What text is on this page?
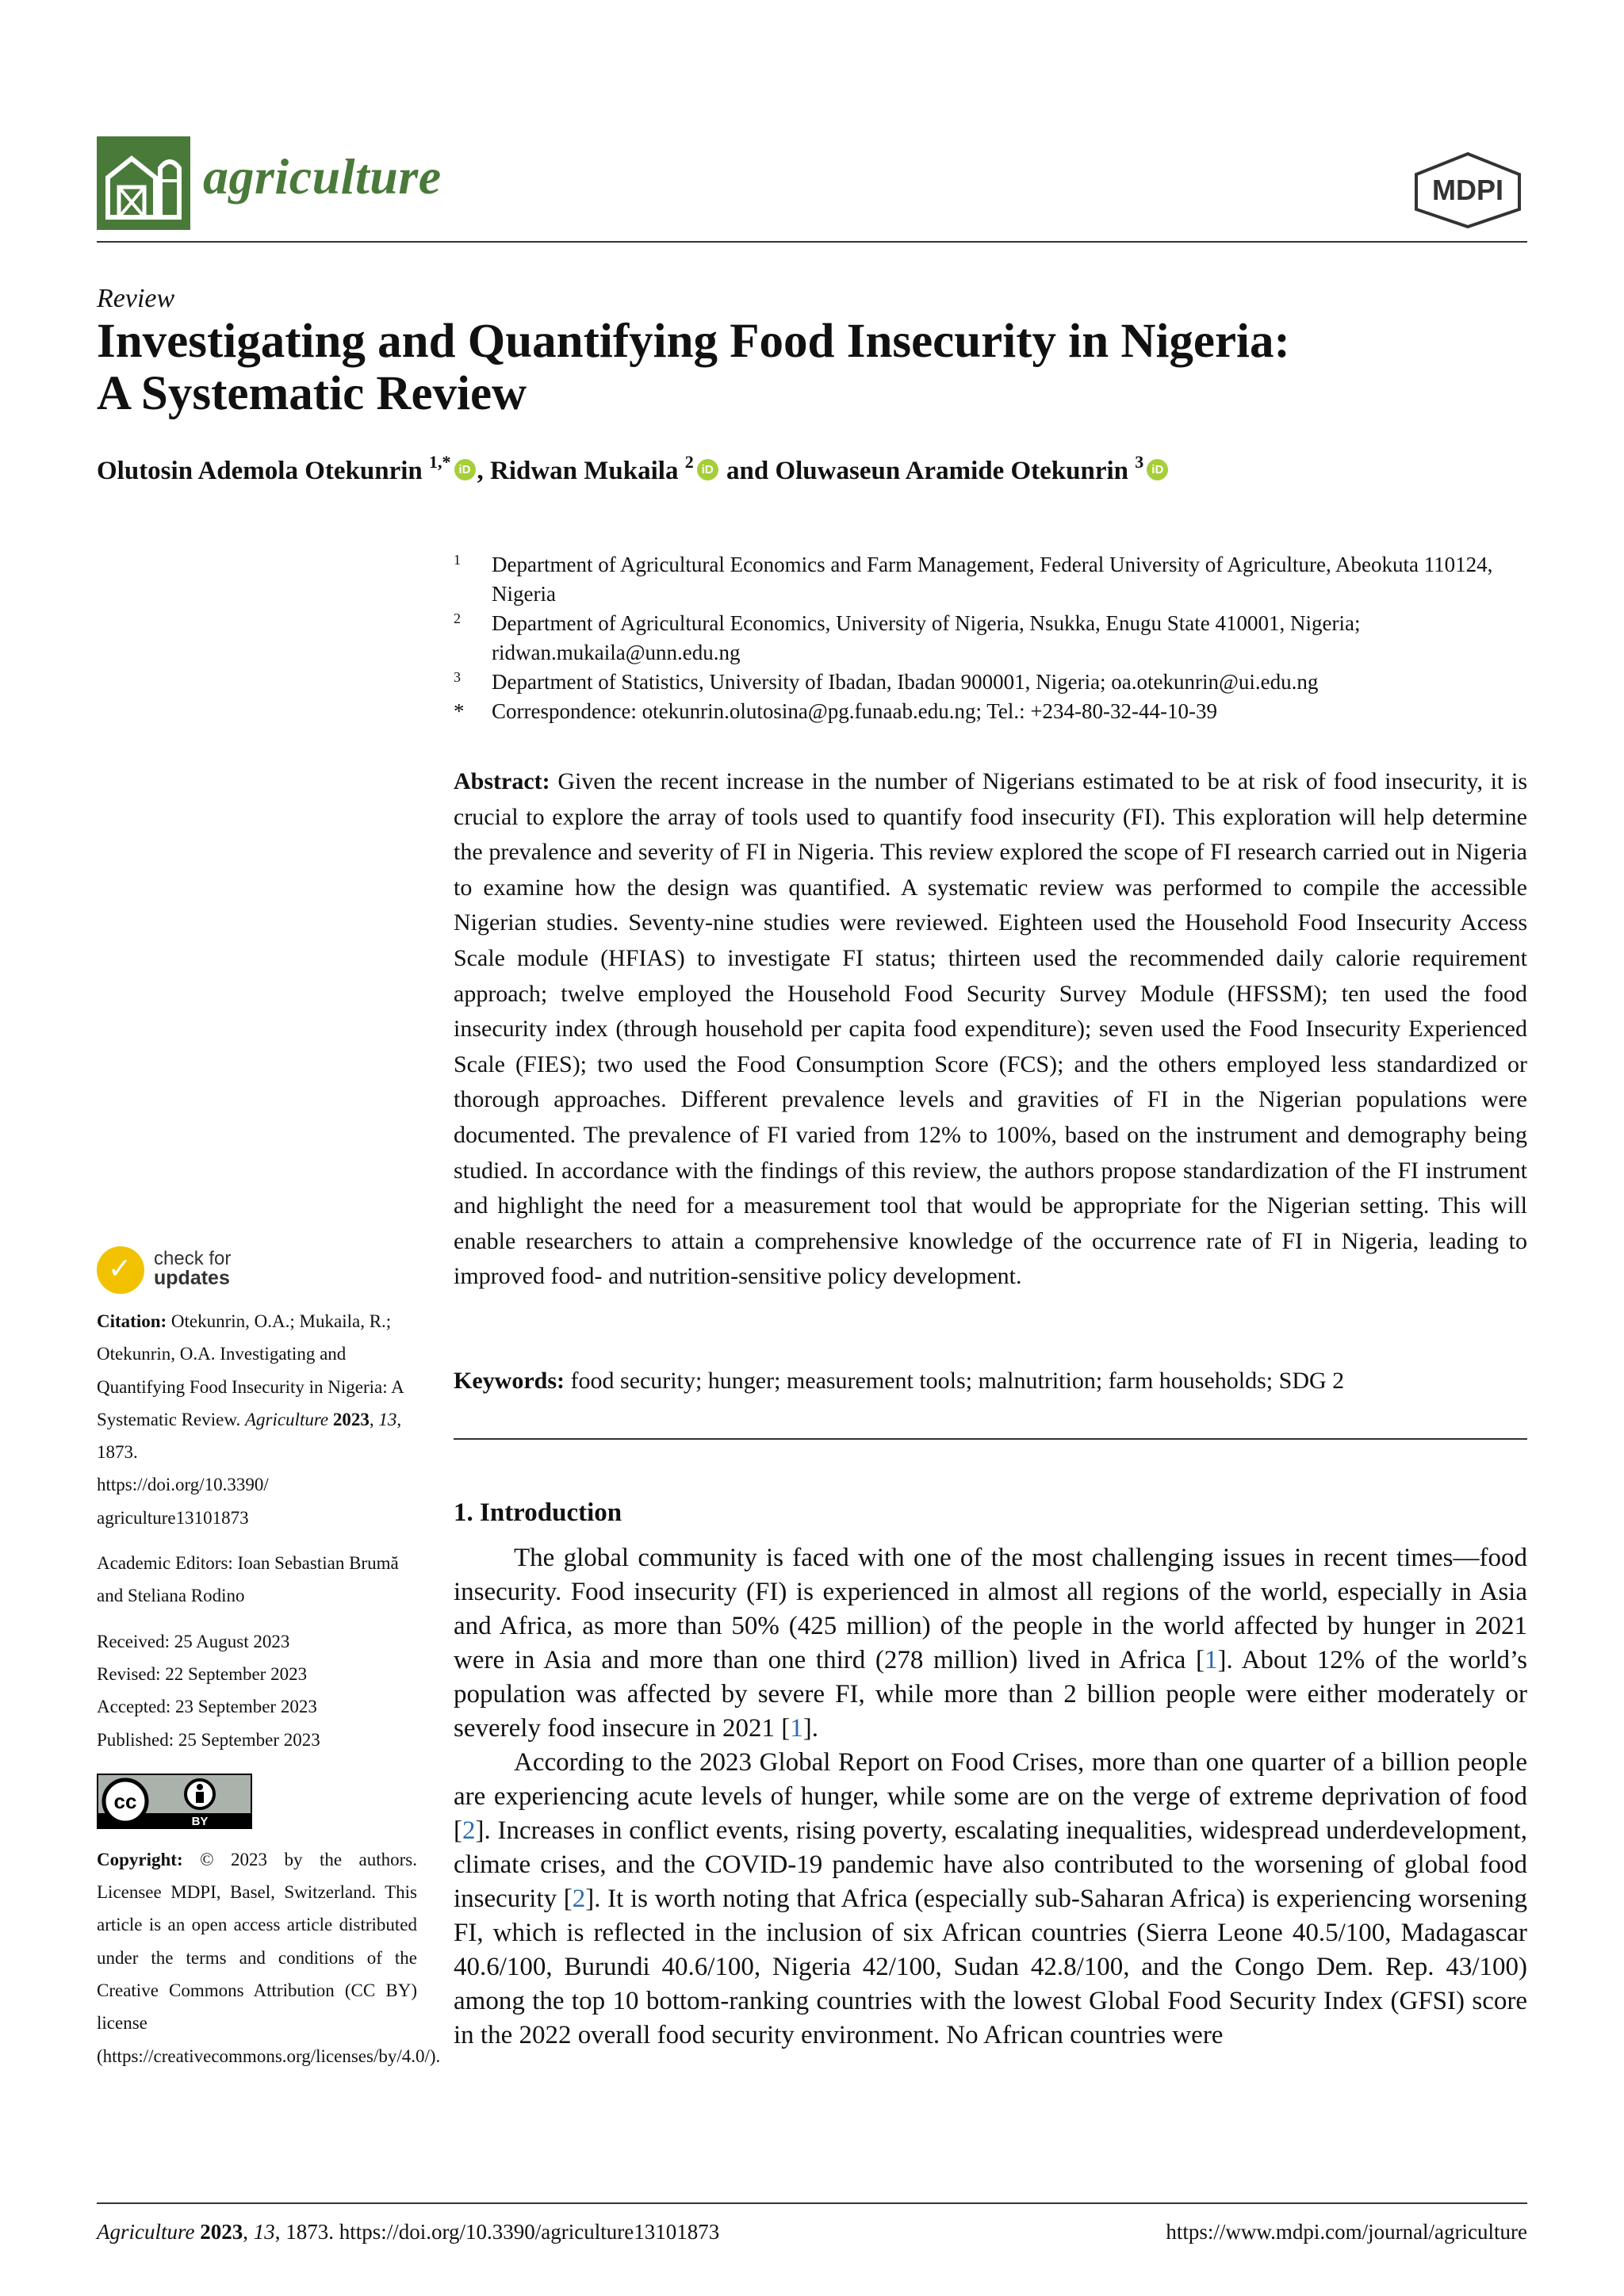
agriculture	MDPI
Review
Investigating and Quantifying Food Insecurity in Nigeria:
A Systematic Review
Olutosin Ademola Otekunrin $^{1,*}$ iD , Ridwan Mukaila $^2$ iD and Oluwaseun Aramide Otekunrin $^3$ iD
1 Department of Agricultural Economics and Farm Management, Federal University of Agriculture, Abeokuta 110124, Nigeria
2 Department of Agricultural Economics, University of Nigeria, Nsukka, Enugu State 410001, Nigeria; ridwan.mukaila@unn.edu.ng
3 Department of Statistics, University of Ibadan, Ibadan 900001, Nigeria; oa.otekunrin@ui.edu.ng
* Correspondence: otekunrin.olutosina@pg.funaab.edu.ng; Tel.: +234-80-32-44-10-39
Abstract: Given the recent increase in the number of Nigerians estimated to be at risk of food insecurity, it is crucial to explore the array of tools used to quantify food insecurity (FI). This exploration will help determine the prevalence and severity of FI in Nigeria. This review explored the scope of FI research carried out in Nigeria to examine how the design was quantified. A systematic review was performed to compile the accessible Nigerian studies. Seventy-nine studies were reviewed. Eighteen used the Household Food Insecurity Access Scale module (HFIAS) to investigate FI status; thirteen used the recommended daily calorie requirement approach; twelve employed the Household Food Security Survey Module (HFSSM); ten used the food insecurity index (through household per capita food expenditure); seven used the Food Insecurity Experienced Scale (FIES); two used the Food Consumption Score (FCS); and the others employed less standardized or thorough approaches. Different prevalence levels and gravities of FI in the Nigerian populations were documented. The prevalence of FI varied from 12% to 100%, based on the instrument and demography being studied. In accordance with the findings of this review, the authors propose standardization of the FI instrument and highlight the need for a measurement tool that would be appropriate for the Nigerian setting. This will enable researchers to attain a comprehensive knowledge of the occurrence rate of FI in Nigeria, leading to improved food- and nutrition-sensitive policy development.
Keywords: food security; hunger; measurement tools; malnutrition; farm households; SDG 2
1. Introduction

The global community is faced with one of the most challenging issues in recent times—food insecurity. Food insecurity (FI) is experienced in almost all regions of the world, especially in Asia and Africa, as more than 50% (425 million) of the people in the world affected by hunger in 2021 were in Asia and more than one third (278 million) lived in Africa [1]. About 12% of the world’s population was affected by severe FI, while more than 2 billion people were either moderately or severely food insecure in 2021 [1].

According to the 2023 Global Report on Food Crises, more than one quarter of a billion people are experiencing acute levels of hunger, while some are on the verge of extreme deprivation of food [2]. Increases in conflict events, rising poverty, escalating inequalities, widespread underdevelopment, climate crises, and the COVID-19 pandemic have also contributed to the worsening of global food insecurity [2]. It is worth noting that Africa (especially sub-Saharan Africa) is experiencing worsening FI, which is reflected in the inclusion of six African countries (Sierra Leone 40.5/100, Madagascar 40.6/100, Burundi 40.6/100, Nigeria 42/100, Sudan 42.8/100, and the Congo Dem. Rep. 43/100) among the top 10 bottom-ranking countries with the lowest Global Food Security Index (GFSI) score in the 2022 overall food security environment. No African countries were

✓ check for
updates
Citation: Otekunrin, O.A.; Mukaila, R.; Otekunrin, O.A. Investigating and Quantifying Food Insecurity in Nigeria: A Systematic Review. Agriculture 2023, 13, 1873.
https://doi.org/10.3390/
agriculture13101873
Academic Editors: Ioan Sebastian Brumă and Steliana Rodino
Received: 25 August 2023
Revised: 22 September 2023
Accepted: 23 September 2023
Published: 25 September 2023
cc
BY
Copyright: © 2023 by the authors. Licensee MDPI, Basel, Switzerland. This article is an open access article distributed under the terms and conditions of the Creative Commons Attribution (CC BY) license (https://creativecommons.org/licenses/by/4.0/).
Agriculture 2023, 13, 1873. https://doi.org/10.3390/agriculture13101873	https://www.mdpi.com/journal/agriculture
